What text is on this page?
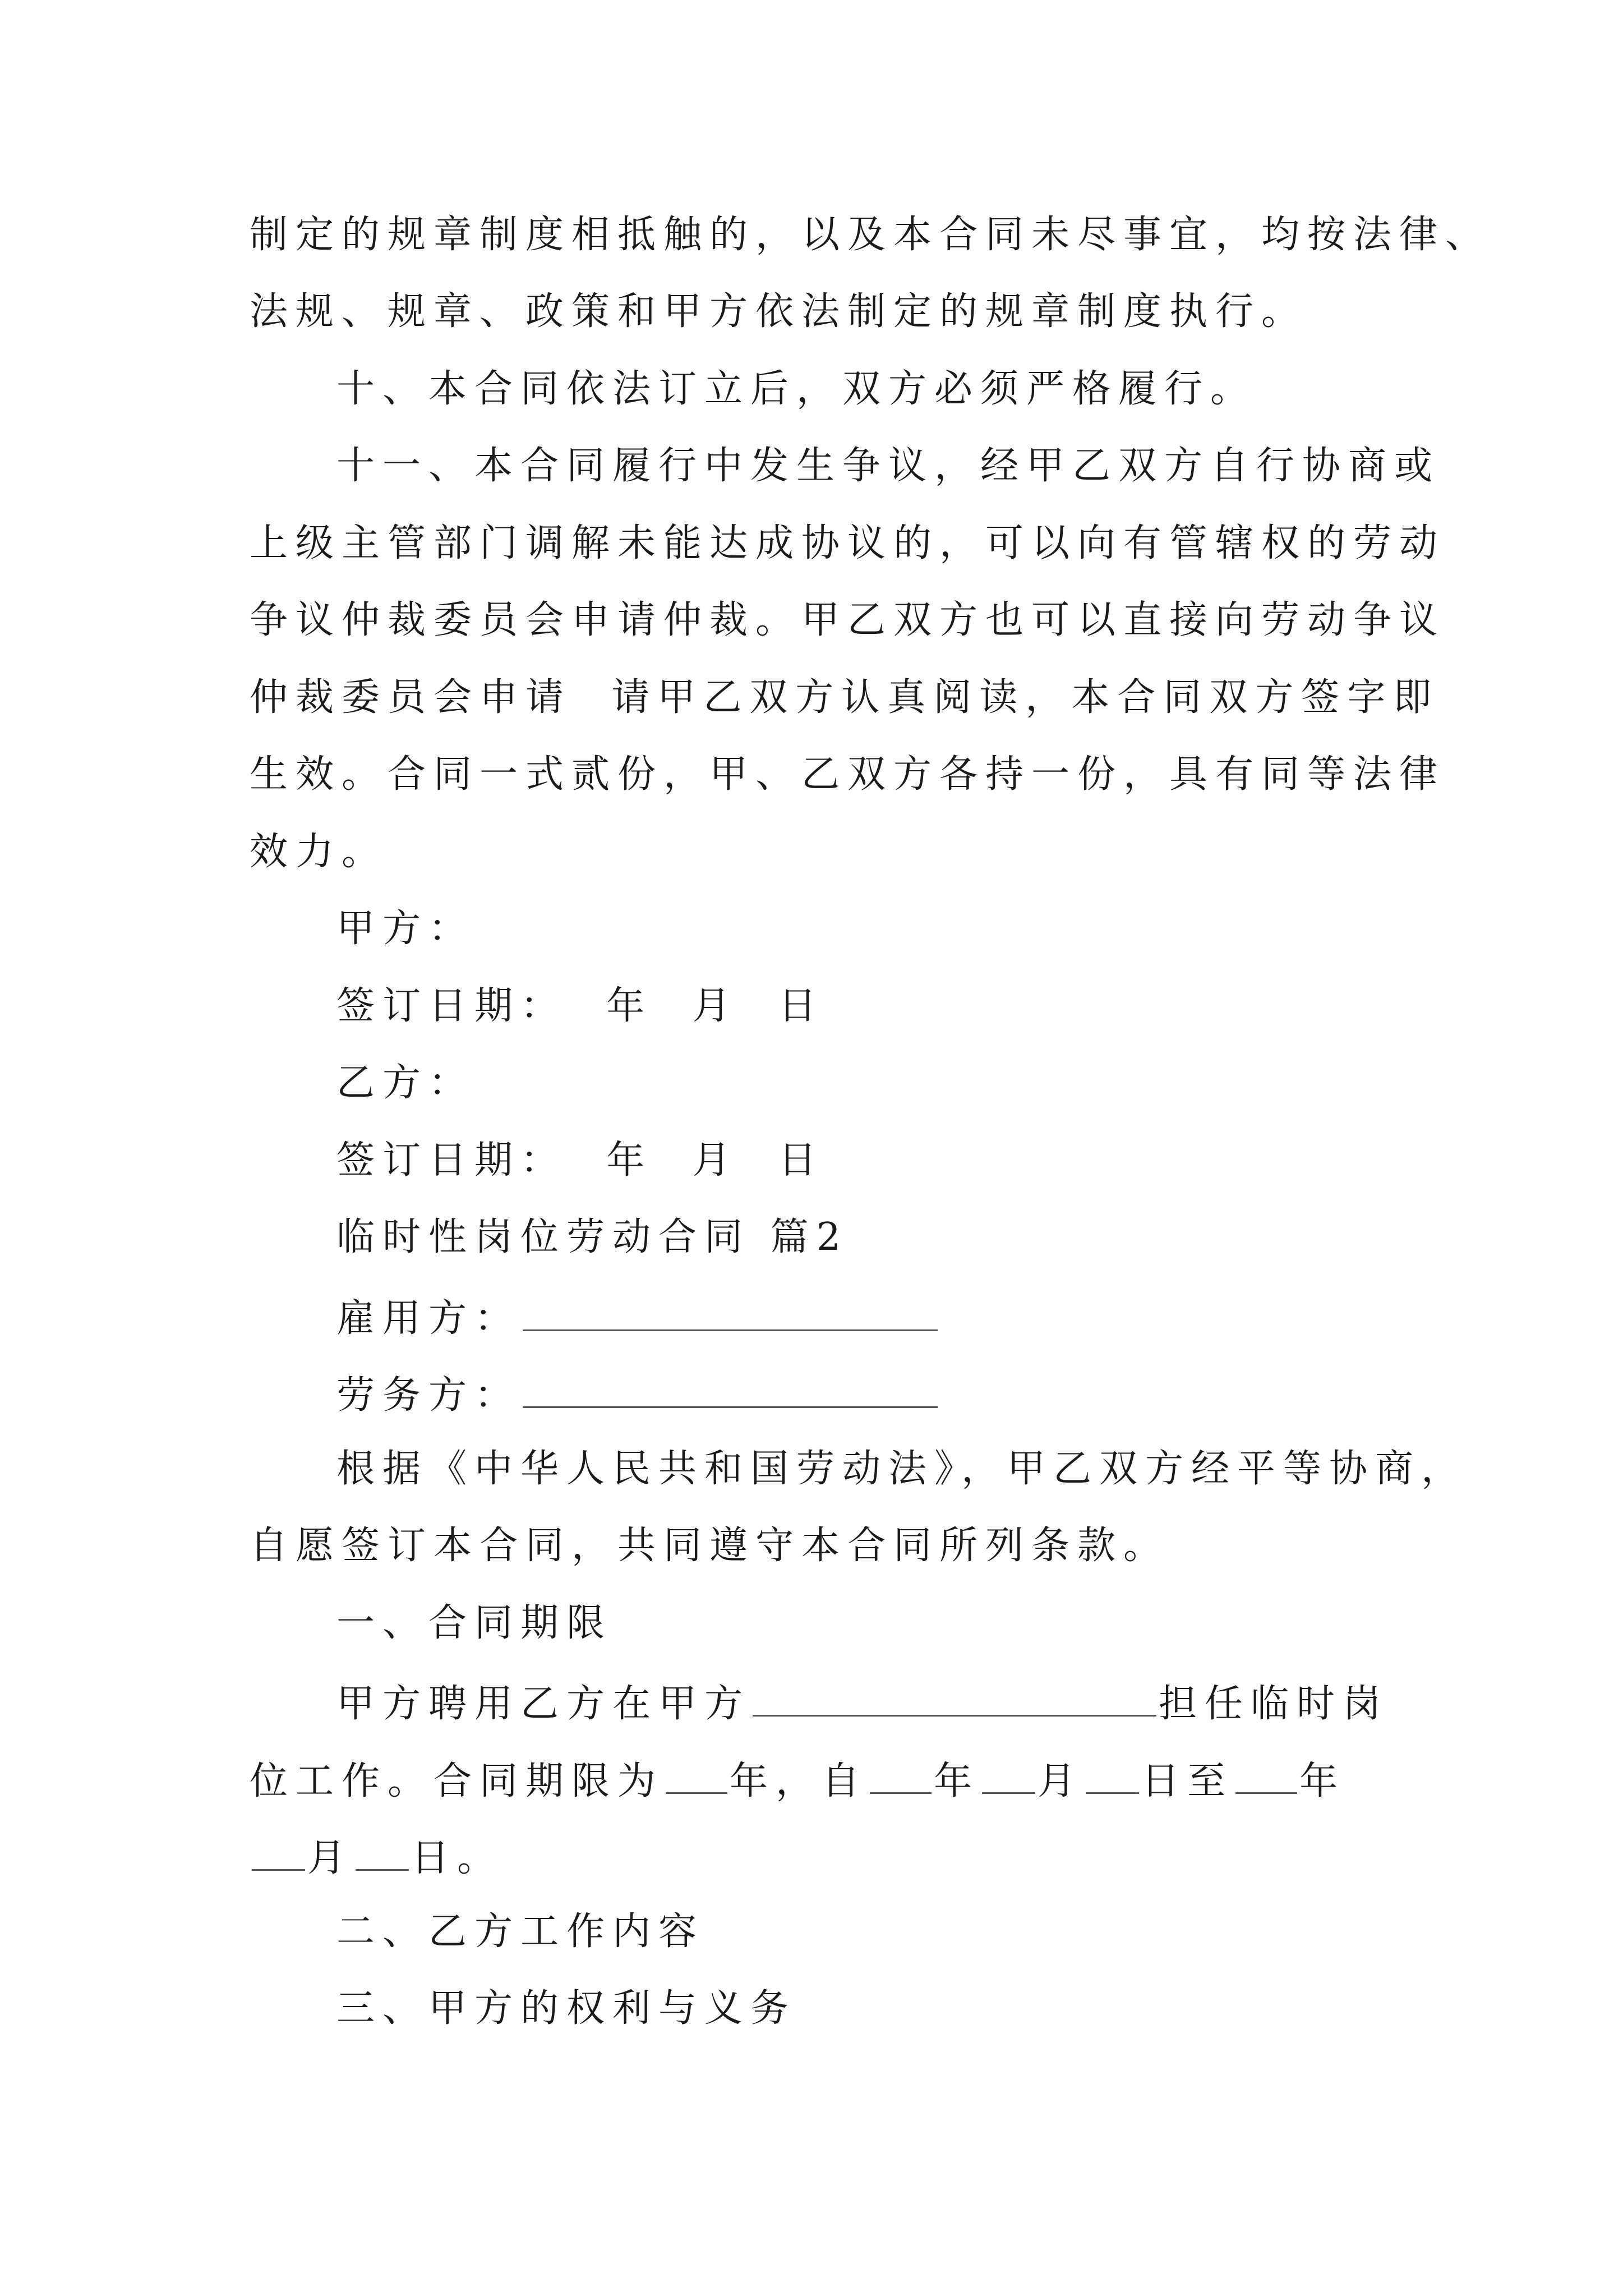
制定的规章制度相抵触的，以及本合同未尽事宜，均按法律、
法规、规章、政策和甲方依法制定的规章制度执行。
十、本合同依法订立后，双方必须严格履行。
十一、本合同履行中发生争议，经甲乙双方自行协商或
上级主管部门调解未能达成协议的，可以向有管辖权的劳动
争议仲裁委员会申请仲裁。甲乙双方也可以直接向劳动争议
仲裁委员会申请  请甲乙双方认真阅读，本合同双方签字即
生效。合同一式贰份，甲、乙双方各持一份，具有同等法律
效力。
甲方：
签订日期：  年  月  日
乙方：
签订日期：  年  月  日
临时性岗位劳动合同 篇2
雇用方：
劳务方：
根据《中华人民共和国劳动法》，甲乙双方经平等协商，
自愿签订本合同，共同遵守本合同所列条款。
一、合同期限
甲方聘用乙方在甲方	担任临时岗
位工作。合同期限为 年，自 年 月 日至 年
月 日。
二、乙方工作内容
三、甲方的权利与义务
